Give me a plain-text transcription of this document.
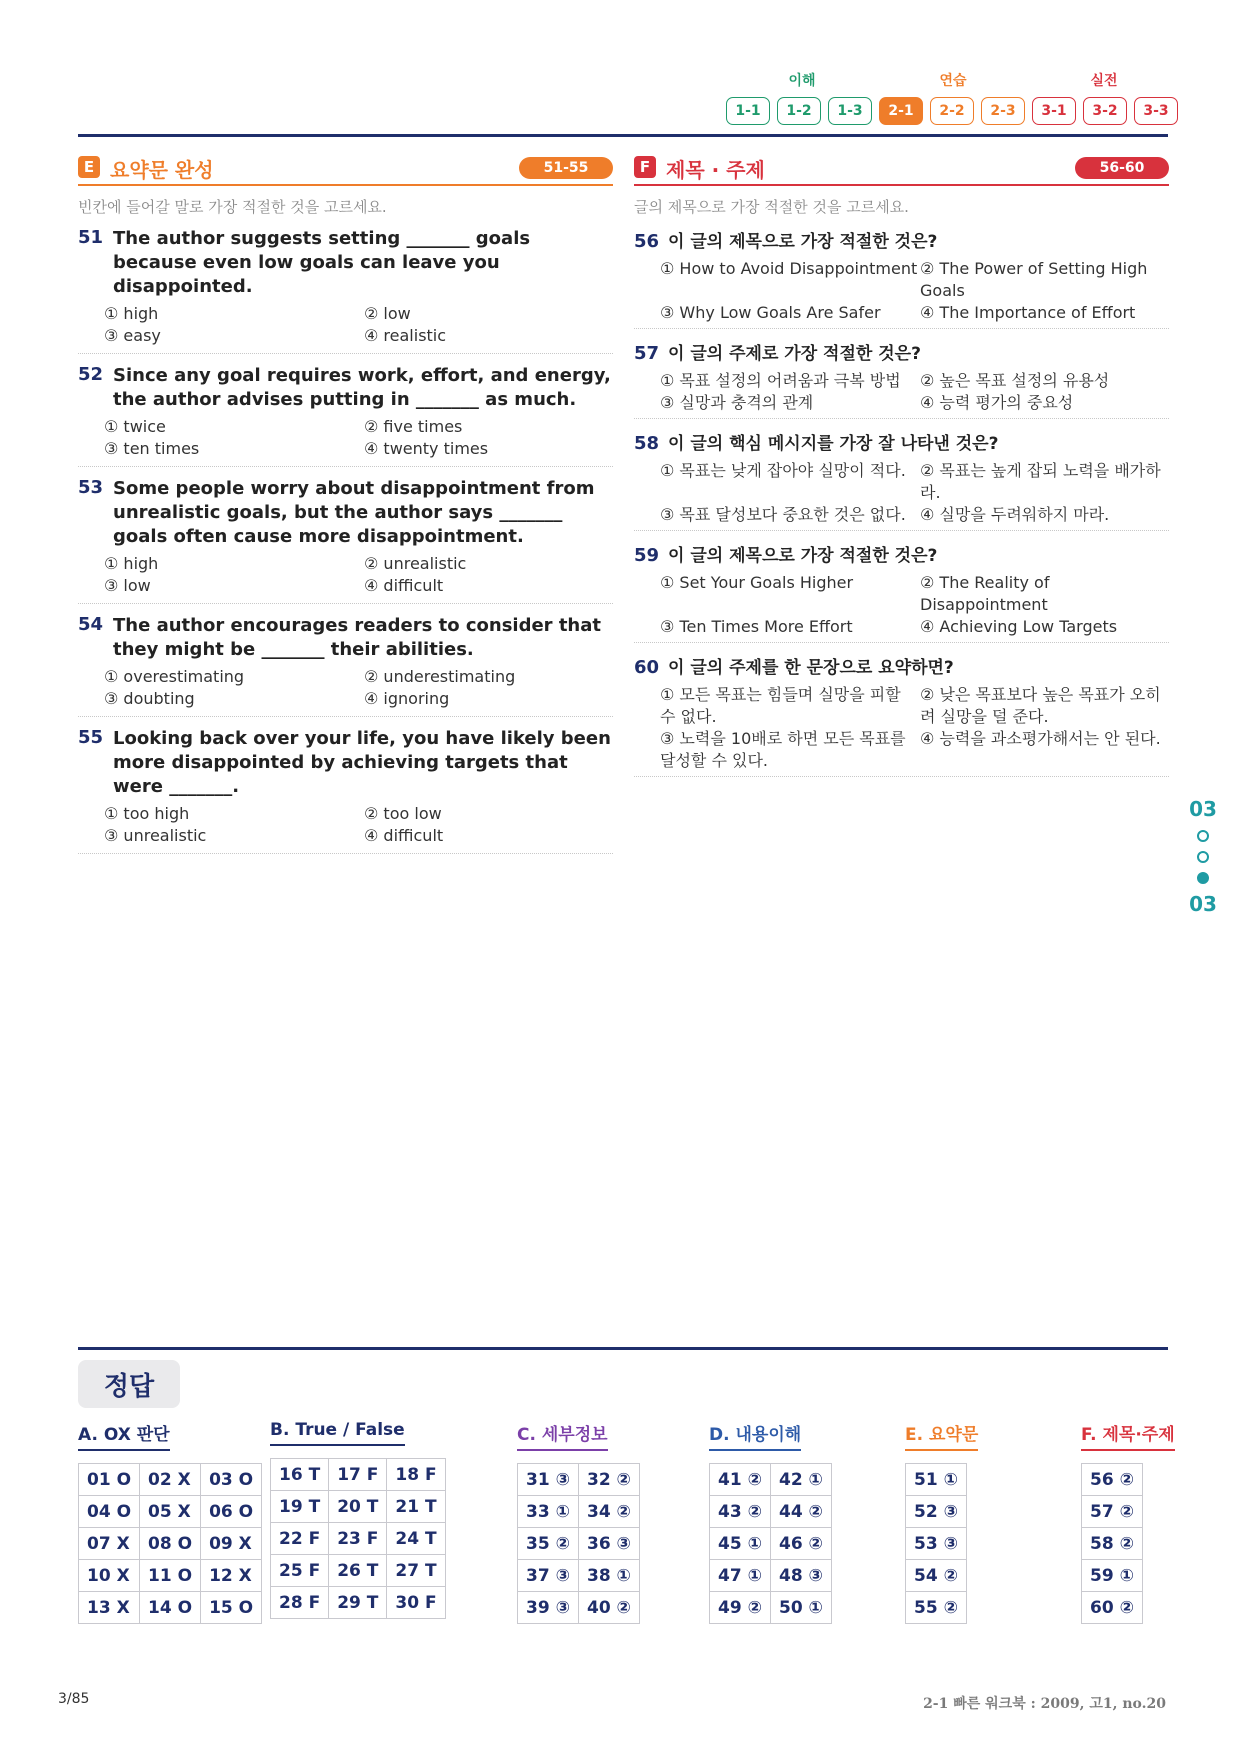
이해	연습	실전
1-1	1-2	1-3	2-1	2-2	2-3	3-1	3-2	3-3
E 요약문 완성	51-55
빈칸에 들어갈 말로 가장 적절한 것을 고르세요.
51 The author suggests setting _______ goals because even low goals can leave you disappointed.
① high	② low
③ easy	④ realistic
52 Since any goal requires work, effort, and energy, the author advises putting in _______ as much.
① twice	② five times
③ ten times	④ twenty times
53 Some people worry about disappointment from unrealistic goals, but the author says _______ goals often cause more disappointment.
① high	② unrealistic
③ low	④ difficult
54 The author encourages readers to consider that they might be _______ their abilities.
① overestimating	② underestimating
③ doubting	④ ignoring
55 Looking back over your life, you have likely been more disappointed by achieving targets that were _______.
① too high	② too low
③ unrealistic	④ difficult
F 제목 · 주제	56-60
글의 제목으로 가장 적절한 것을 고르세요.
56 이 글의 제목으로 가장 적절한 것은?
① How to Avoid Disappointment ② The Power of Setting High Goals
③ Why Low Goals Are Safer	④ The Importance of Effort
57 이 글의 주제로 가장 적절한 것은?
① 목표 설정의 어려움과 극복 방법	② 높은 목표 설정의 유용성
③ 실망과 충격의 관계	④ 능력 평가의 중요성
58 이 글의 핵심 메시지를 가장 잘 나타낸 것은?
① 목표는 낮게 잡아야 실망이 적다. ② 목표는 높게 잡되 노력을 배가하라.
③ 목표 달성보다 중요한 것은 없다. ④ 실망을 두려워하지 마라.
59 이 글의 제목으로 가장 적절한 것은?
① Set Your Goals Higher	② The Reality of Disappointment
③ Ten Times More Effort	④ Achieving Low Targets
60 이 글의 주제를 한 문장으로 요약하면?
① 모든 목표는 힘들며 실망을 피할 수 없다.
② 낮은 목표보다 높은 목표가 오히려 실망을 덜 준다.
③ 노력을 10배로 하면 모든 목표를 달성할 수 있다.
④ 능력을 과소평가해서는 안 된다.
03
03
정답
A. OX 판단
01 O	02 X	03 O
04 O	05 X	06 O
07 X	08 O	09 X
10 X	11 O	12 X
13 X	14 O	15 O
B. True / False
16 T	17 F	18 F
19 T	20 T	21 T
22 F	23 F	24 T
25 F	26 T	27 T
28 F	29 T	30 F
C. 세부정보
31 ③	32 ②
33 ①	34 ②
35 ②	36 ③
37 ③	38 ①
39 ③	40 ②
D. 내용이해
41 ②	42 ①
43 ②	44 ②
45 ①	46 ②
47 ①	48 ③
49 ②	50 ①
E. 요약문
51 ①
52 ③
53 ③
54 ②
55 ②
F. 제목·주제
56 ②
57 ②
58 ②
59 ①
60 ②
3/85	2-1 빠른 워크북 : 2009, 고1, no.20
